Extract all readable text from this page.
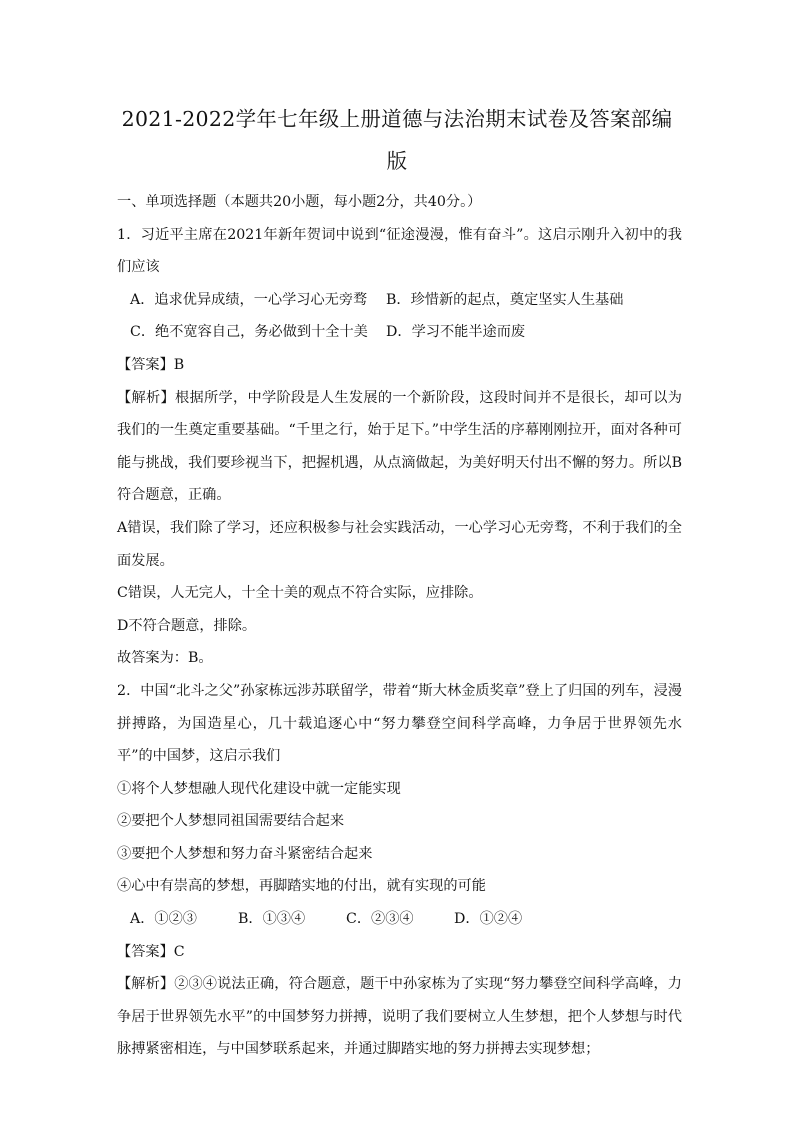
2021-2022学年七年级上册道德与法治期末试卷及答案部编版

一、单项选择题（本题共20小题，每小题2分，共40分。）

1．习近平主席在2021年新年贺词中说到“征途漫漫，惟有奋斗”。这启示刚升入初中的我们应该

A．追求优异成绩，一心学习心无旁骛	B．珍惜新的起点，奠定坚实人生基础

C．绝不宽容自己，务必做到十全十美	D．学习不能半途而废

【答案】B

【解析】根据所学，中学阶段是人生发展的一个新阶段，这段时间并不是很长，却可以为我们的一生奠定重要基础。“千里之行，始于足下。”中学生活的序幕刚刚拉开，面对各种可能与挑战，我们要珍视当下，把握机遇，从点滴做起，为美好明天付出不懈的努力。所以B符合题意，正确。

A错误，我们除了学习，还应积极参与社会实践活动，一心学习心无旁骛，不利于我们的全面发展。

C错误，人无完人，十全十美的观点不符合实际，应排除。

D不符合题意，排除。

故答案为：B。

2．中国“北斗之父”孙家栋远涉苏联留学，带着“斯大林金质奖章”登上了归国的列车，浸漫拼搏路，为国造星心，几十载追逐心中“努力攀登空间科学高峰，力争居于世界领先水平”的中国梦，这启示我们

①将个人梦想融人现代化建设中就一定能实现

②要把个人梦想同祖国需要结合起来

③要把个人梦想和努力奋斗紧密结合起来

④心中有崇高的梦想，再脚踏实地的付出，就有实现的可能

A．①②③	B．①③④	C．②③④	D．①②④

【答案】C

【解析】②③④说法正确，符合题意，题干中孙家栋为了实现“努力攀登空间科学高峰，力争居于世界领先水平”的中国梦努力拼搏，说明了我们要树立人生梦想，把个人梦想与时代脉搏紧密相连，与中国梦联系起来，并通过脚踏实地的努力拼搏去实现梦想；
